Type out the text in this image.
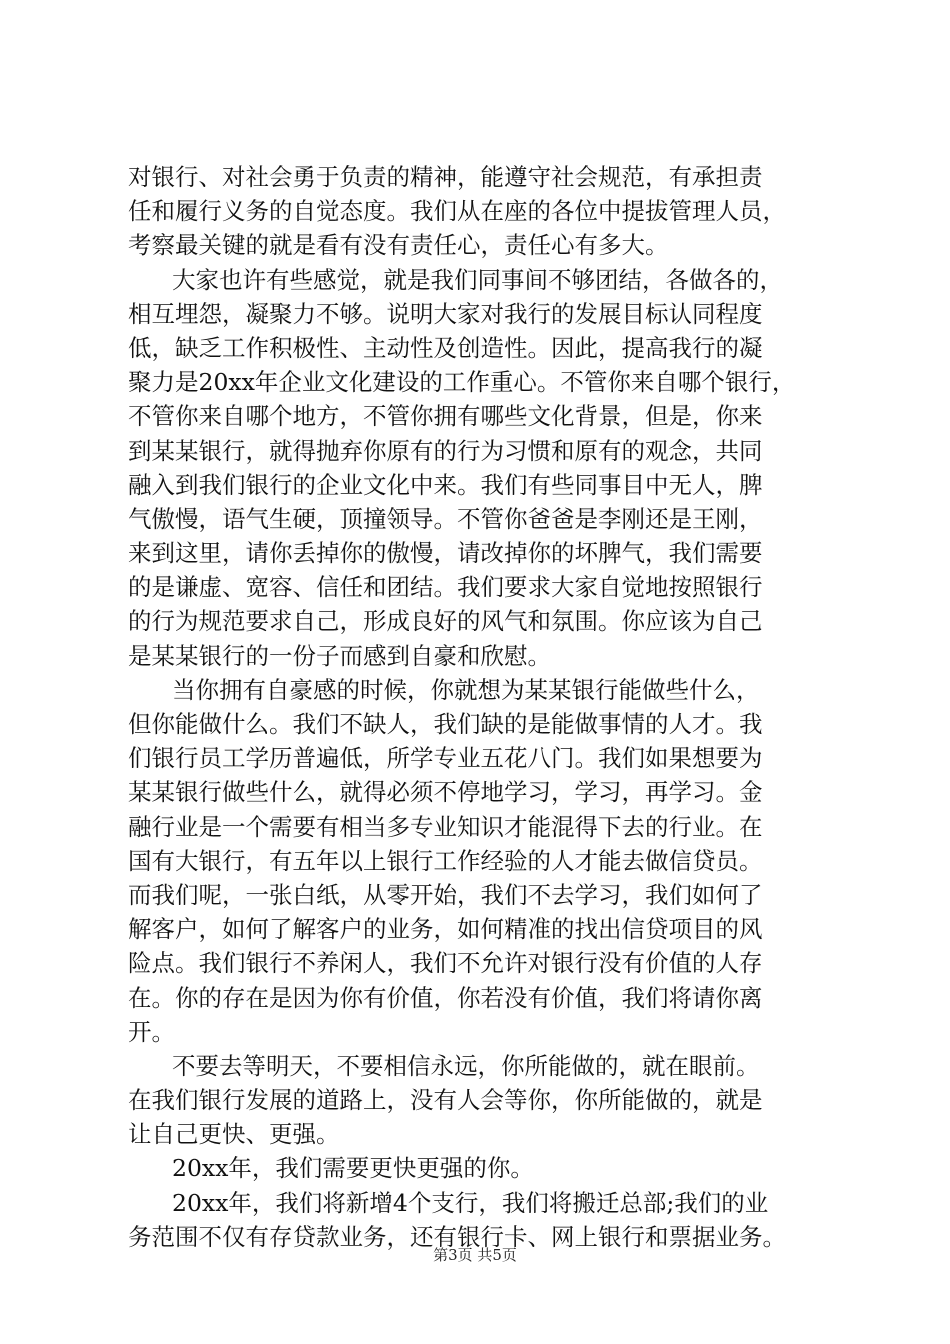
对银行、对社会勇于负责的精神，能遵守社会规范，有承担责
任和履行义务的自觉态度。我们从在座的各位中提拔管理人员，
考察最关键的就是看有没有责任心，责任心有多大。
大家也许有些感觉，就是我们同事间不够团结，各做各的，
相互埋怨，凝聚力不够。说明大家对我行的发展目标认同程度
低，缺乏工作积极性、主动性及创造性。因此，提高我行的凝
聚力是20xx年企业文化建设的工作重心。不管你来自哪个银行，
不管你来自哪个地方，不管你拥有哪些文化背景，但是，你来
到某某银行，就得抛弃你原有的行为习惯和原有的观念，共同
融入到我们银行的企业文化中来。我们有些同事目中无人，脾
气傲慢，语气生硬，顶撞领导。不管你爸爸是李刚还是王刚，
来到这里，请你丢掉你的傲慢，请改掉你的坏脾气，我们需要
的是谦虚、宽容、信任和团结。我们要求大家自觉地按照银行
的行为规范要求自己，形成良好的风气和氛围。你应该为自己
是某某银行的一份子而感到自豪和欣慰。
当你拥有自豪感的时候，你就想为某某银行能做些什么，
但你能做什么。我们不缺人，我们缺的是能做事情的人才。我
们银行员工学历普遍低，所学专业五花八门。我们如果想要为
某某银行做些什么，就得必须不停地学习，学习，再学习。金
融行业是一个需要有相当多专业知识才能混得下去的行业。在
国有大银行，有五年以上银行工作经验的人才能去做信贷员。
而我们呢，一张白纸，从零开始，我们不去学习，我们如何了
解客户，如何了解客户的业务，如何精准的找出信贷项目的风
险点。我们银行不养闲人，我们不允许对银行没有价值的人存
在。你的存在是因为你有价值，你若没有价值，我们将请你离
开。
不要去等明天，不要相信永远，你所能做的，就在眼前。
在我们银行发展的道路上，没有人会等你，你所能做的，就是
让自己更快、更强。
20xx年，我们需要更快更强的你。
20xx年，我们将新增4个支行，我们将搬迁总部;我们的业
务范围不仅有存贷款业务，还有银行卡、网上银行和票据业务。
第3页 共5页
